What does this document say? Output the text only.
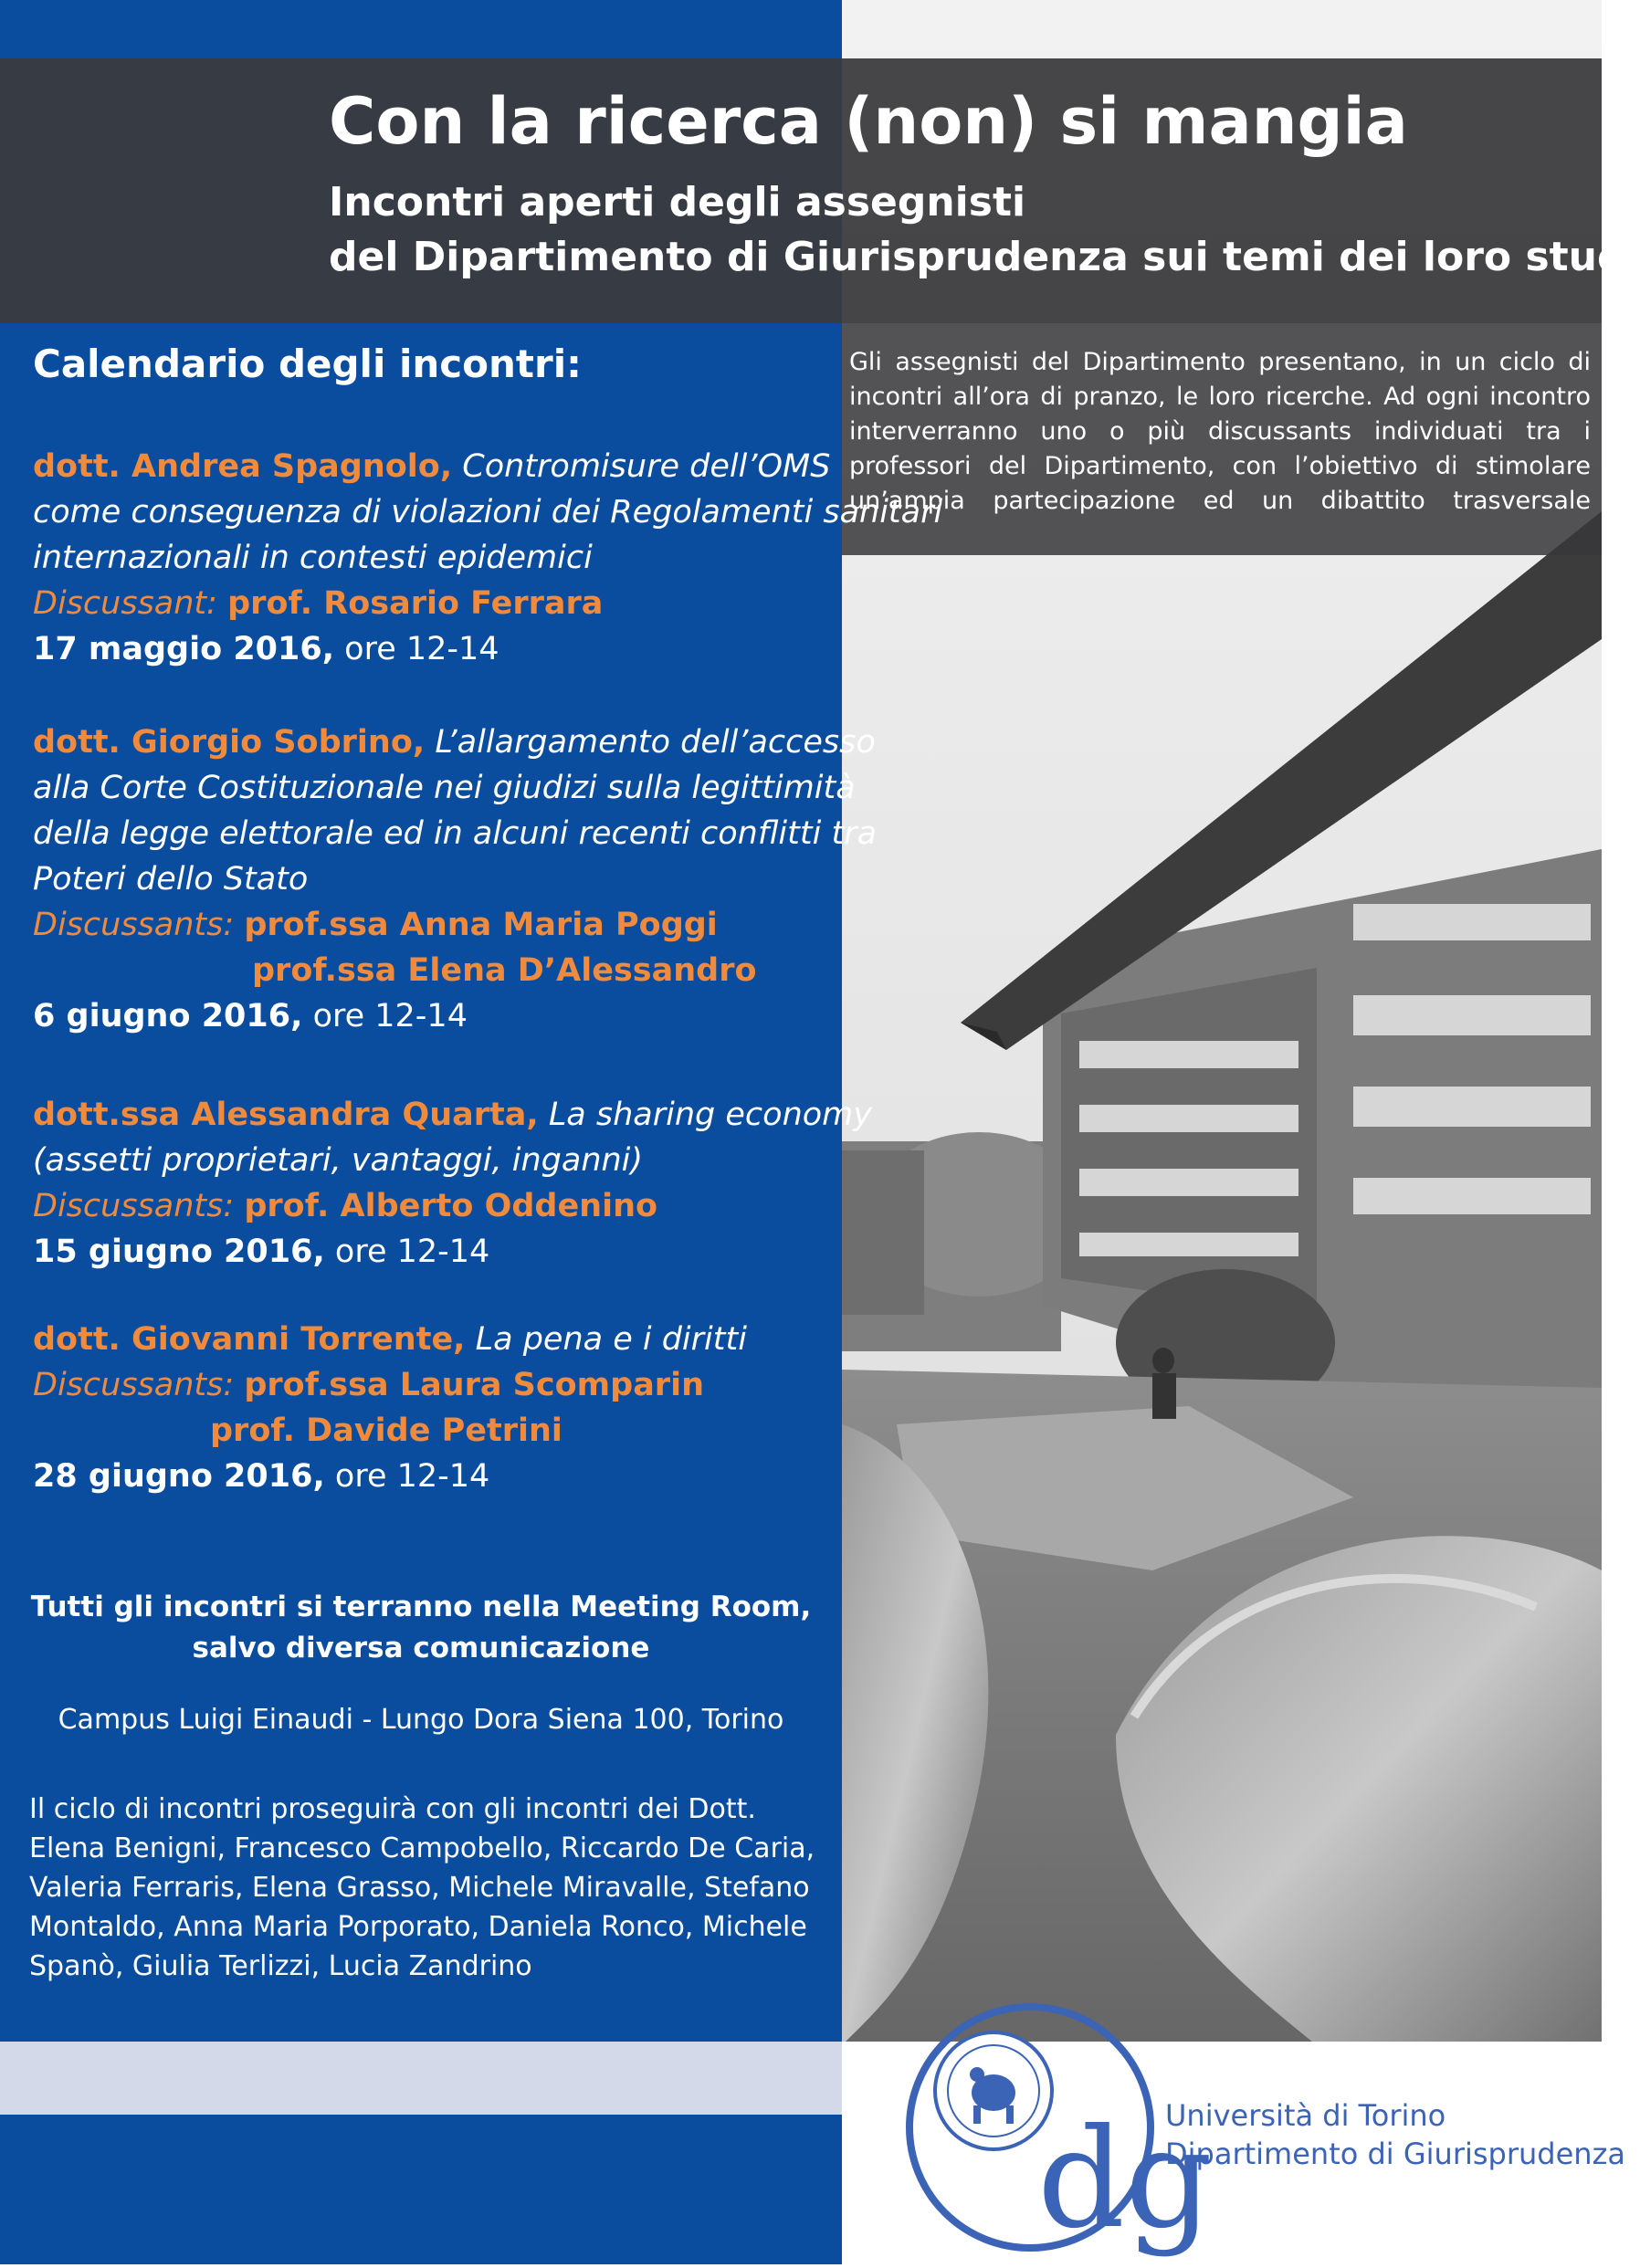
Con la ricerca (non) si mangia
Incontri aperti degli assegnisti
del Dipartimento di Giurisprudenza sui temi dei loro studi
Gli assegnisti del Dipartimento presentano, in un ciclo di incontri all’ora di pranzo, le loro ricerche. Ad ogni incontro interverranno uno o più discussants individuati tra i professori del Dipartimento, con l’obiettivo di stimolare un’ampia partecipazione ed un dibattito trasversale
Calendario degli incontri:
dott. Andrea Spagnolo, Contromisure dell’OMS
come conseguenza di violazioni dei Regolamenti sanitari
internazionali in contesti epidemici
Discussant: prof. Rosario Ferrara
17 maggio 2016, ore 12-14
dott. Giorgio Sobrino, L’allargamento dell’accesso
alla Corte Costituzionale nei giudizi sulla legittimità
della legge elettorale ed in alcuni recenti conflitti tra
Poteri dello Stato
Discussants: prof.ssa Anna Maria Poggi
prof.ssa Elena D’Alessandro
6 giugno 2016, ore 12-14
dott.ssa Alessandra Quarta, La sharing economy
(assetti proprietari, vantaggi, inganni)
Discussants: prof. Alberto Oddenino
15 giugno 2016, ore 12-14
dott. Giovanni Torrente, La pena e i diritti
Discussants: prof.ssa Laura Scomparin
prof. Davide Petrini
28 giugno 2016, ore 12-14
Tutti gli incontri si terranno nella Meeting Room,
salvo diversa comunicazione
Campus Luigi Einaudi - Lungo Dora Siena 100, Torino
Il ciclo di incontri proseguirà con gli incontri dei Dott. Elena Benigni, Francesco Campobello, Riccardo De Caria, Valeria Ferraris, Elena Grasso, Michele Miravalle, Stefano Montaldo, Anna Maria Porporato, Daniela Ronco, Michele Spanò, Giulia Terlizzi, Lucia Zandrino
dg
Università di Torino
Dipartimento di Giurisprudenza
